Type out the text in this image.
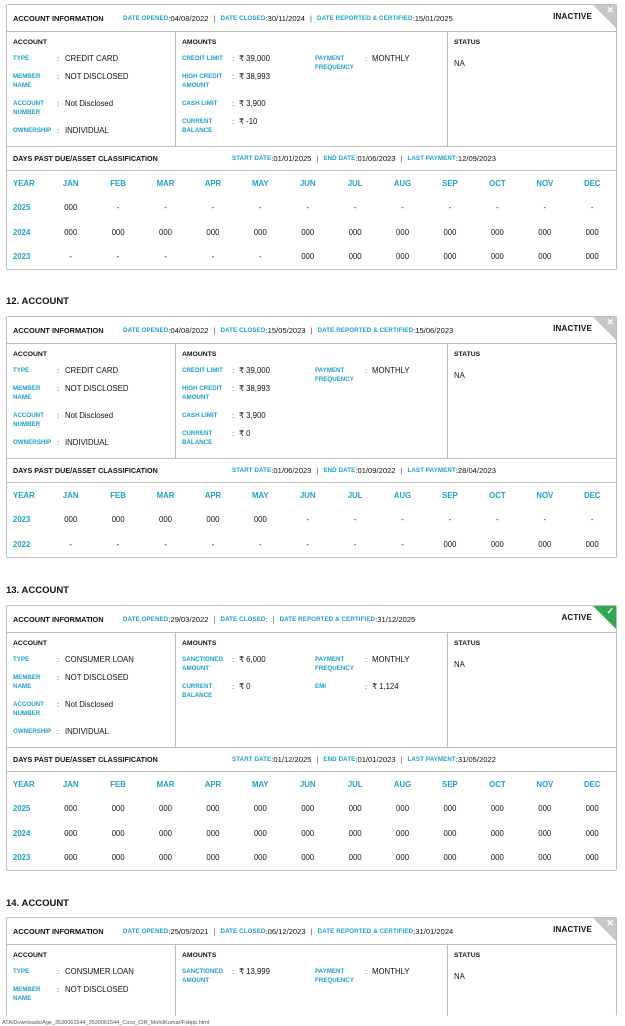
ACCOUNT INFORMATION	DATE OPENED : 04/08/2022 | DATE CLOSED : 30/11/2024 | DATE REPORTED & CERTIFIED : 15/01/2025	INACTIVE
✕
ACCOUNT
TYPE	: CREDIT CARD
MEMBER NAME
: NOT DISCLOSED
ACCOUNT NUMBER
: Not Disclosed
OWNERSHIP : INDIVIDUAL
AMOUNTS
CREDIT LIMIT	: ₹ 39,000
HIGH CREDIT AMOUNT
: ₹ 38,993
CASH LIMIT	: ₹ 3,900
CURRENT BALANCE
: ₹ -10
PAYMENT FREQUENCY
: MONTHLY
STATUS
NA
DAYS PAST DUE/ASSET CLASSIFICATION	START DATE : 01/01/2025 | END DATE : 01/06/2023 | LAST PAYMENT : 12/09/2023
YEAR	JAN	FEB	MAR	APR	MAY	JUN	JUL	AUG	SEP	OCT	NOV	DEC
2025	000	-	-	-	-	-	-	-	-	-	-	-
2024	000	000	000	000	000	000	000	000	000	000	000	000
2023	-	-	-	-	-	000	000	000	000	000	000	000
12. ACCOUNT
ACCOUNT INFORMATION	DATE OPENED : 04/08/2022 | DATE CLOSED : 15/05/2023 | DATE REPORTED & CERTIFIED : 15/06/2023	INACTIVE
✕
ACCOUNT
TYPE	: CREDIT CARD
MEMBER NAME
: NOT DISCLOSED
ACCOUNT NUMBER
: Not Disclosed
OWNERSHIP : INDIVIDUAL
AMOUNTS
CREDIT LIMIT	: ₹ 39,000
HIGH CREDIT AMOUNT
: ₹ 38,993
CASH LIMIT	: ₹ 3,900
CURRENT BALANCE
: ₹ 0
PAYMENT FREQUENCY
: MONTHLY
STATUS
NA
DAYS PAST DUE/ASSET CLASSIFICATION	START DATE : 01/06/2023 | END DATE : 01/09/2022 | LAST PAYMENT : 28/04/2023
YEAR	JAN	FEB	MAR	APR	MAY	JUN	JUL	AUG	SEP	OCT	NOV	DEC
2023	000	000	000	000	000	-	-	-	-	-	-	-
2022	-	-	-	-	-	-	-	-	000	000	000	000
13. ACCOUNT
ACCOUNT INFORMATION	DATE OPENED : 29/03/2022 | DATE CLOSED : | DATE REPORTED & CERTIFIED : 31/12/2025	ACTIVE
✓
ACCOUNT
TYPE	: CONSUMER LOAN
MEMBER NAME
: NOT DISCLOSED
ACCOUNT NUMBER
: Not Disclosed
OWNERSHIP : INDIVIDUAL
AMOUNTS
SANCTIONED AMOUNT
: ₹ 6,000
CURRENT BALANCE
: ₹ 0
PAYMENT FREQUENCY
: MONTHLY
EMI	: ₹ 1,124
STATUS
NA
DAYS PAST DUE/ASSET CLASSIFICATION	START DATE : 01/12/2025 | END DATE : 01/01/2023 | LAST PAYMENT : 31/05/2022
YEAR	JAN	FEB	MAR	APR	MAY	JUN	JUL	AUG	SEP	OCT	NOV	DEC
2025	000	000	000	000	000	000	000	000	000	000	000	000
2024	000	000	000	000	000	000	000	000	000	000	000	000
2023	000	000	000	000	000	000	000	000	000	000	000	000
14. ACCOUNT
ACCOUNT INFORMATION	DATE OPENED : 25/05/2021 | DATE CLOSED : 06/12/2023 | DATE REPORTED & CERTIFIED : 31/01/2024	INACTIVE
✕
ACCOUNT
TYPE	: CONSUMER LOAN
MEMBER NAME
: NOT DISCLOSED
AMOUNTS
SANCTIONED AMOUNT
: ₹ 13,999	PAYMENT FREQUENCY
: MONTHLY
STATUS
NA
ATA/Downloads/Age_3530061544_3530061544_Coco_CIR_MohitKumar/Fsbpp.html
